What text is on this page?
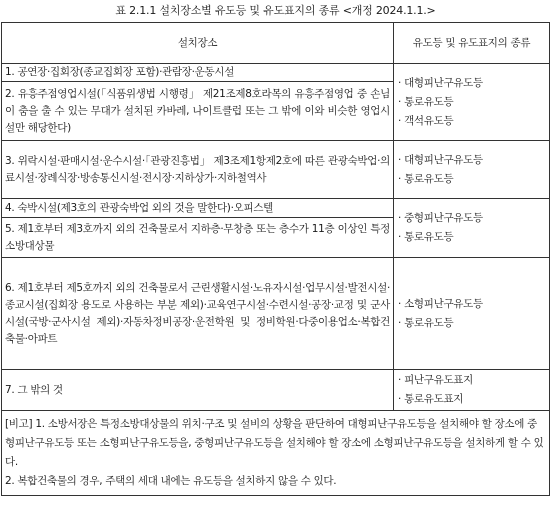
표 2.1.1 설치장소별 유도등 및 유도표지의 종류 <개정 2024.1.1.>
설치장소	유도등 및 유도표지의 종류
1. 공연장·집회장(종교집회장 포함)·관람장·운동시설	· 대형피난구유도등
· 통로유도등
· 객석유도등

2. 유흥주점영업시설(「식품위생법 시행령」 제21조제8호라목의 유흥주점영업 중 손님이 춤을 출 수 있는 무대가 설치된 카바레, 나이트클럽 또는 그 밖에 이와 비슷한 영업시설만 해당한다)	
3. 위락시설·판매시설·운수시설·「관광진흥법」 제3조제1항제2호에 따른 관광숙박업·의료시설·장례식장·방송통신시설·전시장·지하상가·지하철역사	· 대형피난구유도등
· 통로유도등

4. 숙박시설(제3호의 관광숙박업 외의 것을 말한다)·오피스텔	· 중형피난구유도등
· 통로유도등

5. 제1호부터 제3호까지 외의 건축물로서 지하층·무창층 또는 층수가 11층 이상인 특정소방대상물	
6. 제1호부터 제5호까지 외의 건축물로서 근린생활시설·노유자시설·업무시설·발전시설·종교시설(집회장 용도로 사용하는 부분 제외)·교육연구시설·수련시설·공장·교정 및 군사시설(국방·군사시설 제외)·자동차정비공장·운전학원 및 정비학원·다중이용업소·복합건축물·아파트	· 소형피난구유도등
· 통로유도등

7. 그 밖의 것	· 피난구유도표지
· 통로유도표지

[비고] 1. 소방서장은 특정소방대상물의 위치·구조 및 설비의 상황을 판단하여 대형피난구유도등을 설치해야 할 장소에 중형피난구유도등 또는 소형피난구유도등을, 중형피난구유도등을 설치해야 할 장소에 소형피난구유도등을 설치하게 할 수 있다.
2. 복합건축물의 경우, 주택의 세대 내에는 유도등을 설치하지 않을 수 있다.	
